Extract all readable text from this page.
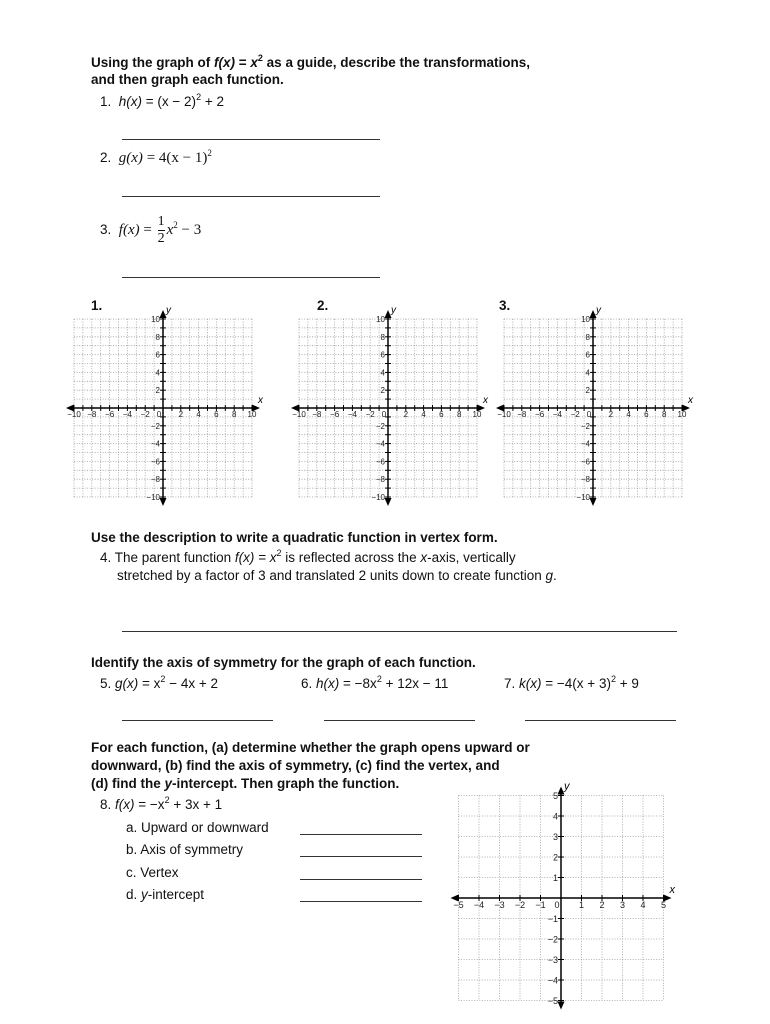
Using the graph of $f(x) = x^2$ as a guide, describe the transformations,
and then graph each function.
1. $h(x) = (x - 2)^2 + 2$
2. $g(x) = 4(x - 1)^2$
3. $f(x) = \frac{1}{2} x^2 - 3$
1.	2.	3.
−10 −8 −6 −4 −2 0 2 4 6 8 10
10
8
6
4
2
−2
−4
−6
−8
−10
x
y
−10 −8 −6 −4 −2 0 2 4 6 8 10
10
8
6
4
2
−2
−4
−6
−8
−10
x
y
−10 −8 −6 −4 −2 0 2 4 6 8 10
10
8
6
4
2
−2
−4
−6
−8
−10
x
y
Use the description to write a quadratic function in vertex form.
4. The parent function $f(x) = x^2$ is reflected across the x-axis, vertically
stretched by a factor of 3 and translated 2 units down to create function g.
Identify the axis of symmetry for the graph of each function.
5. $g(x) = x^2 - 4x + 2$	6. $h(x) = -8x^2 + 12x - 11$	7. $k(x) = -4(x + 3)^2 + 9$
For each function, (a) determine whether the graph opens upward or
downward, (b) find the axis of symmetry, (c) find the vertex, and
(d) find the y-intercept. Then graph the function.
8. $f(x) = -x^2 + 3x + 1$
a. Upward or downward
b. Axis of symmetry
c. Vertex
d. y-intercept
−5 −4 −3 −2 −1 0 1 2 3 4 5
5
4
3
2
1
−1
−2
−3
−4
−5
x
y
